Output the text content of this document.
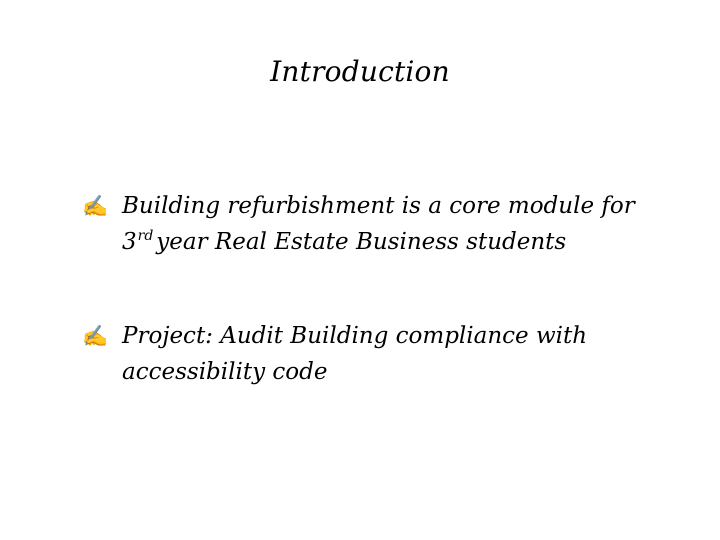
Introduction
✍ Building refurbishment is a core module for 3rd year Real Estate Business students
✍ Project: Audit Building compliance with accessibility code
